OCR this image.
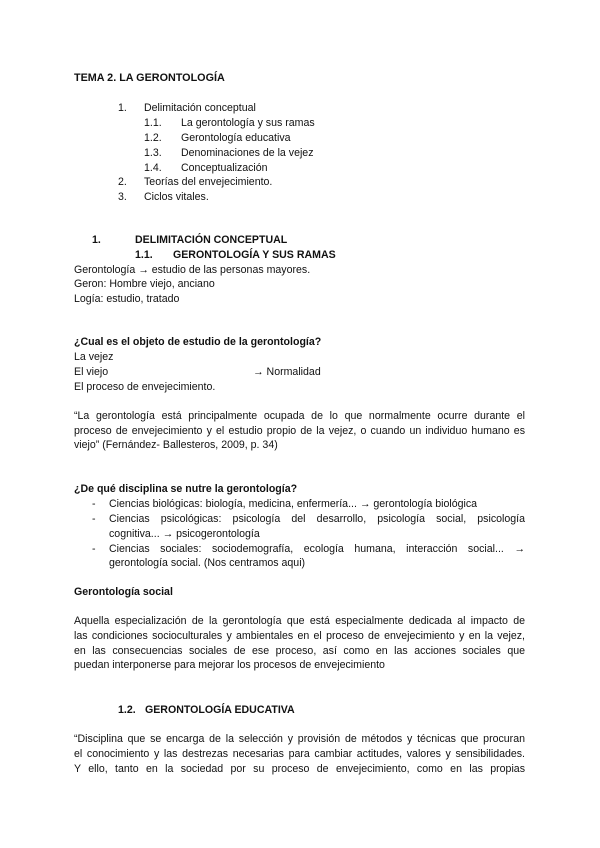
TEMA 2. LA GERONTOLOGÍA
1. Delimitación conceptual
1.1. La gerontología y sus ramas
1.2. Gerontología educativa
1.3. Denominaciones de la vejez
1.4. Conceptualización
2. Teorías del envejecimiento.
3. Ciclos vitales.
1.	DELIMITACIÓN CONCEPTUAL
1.1. GERONTOLOGÍA Y SUS RAMAS
Gerontología → estudio de las personas mayores.
Geron: Hombre viejo, anciano
Logía: estudio, tratado
¿Cual es el objeto de estudio de la gerontología?
La vejez
El viejo	→ Normalidad
El proceso de envejecimiento.
“La gerontología está principalmente ocupada de lo que normalmente ocurre durante el
proceso de envejecimiento y el estudio propio de la vejez, o cuando un individuo humano es
viejo” (Fernández- Ballesteros, 2009, p. 34)
¿De qué disciplina se nutre la gerontología?
- Ciencias biológicas: biología, medicina, enfermería... → gerontología biológica
- Ciencias psicológicas: psicología del desarrollo, psicología social, psicología
cognitiva... → psicogerontología
- Ciencias sociales: sociodemografía, ecología humana, interacción social... →
gerontología social. (Nos centramos aqui)
Gerontología social
Aquella especialización de la gerontología que está especialmente dedicada al impacto de
las condiciones socioculturales y ambientales en el proceso de envejecimiento y en la vejez,
en las consecuencias sociales de ese proceso, así como en las acciones sociales que
puedan interponerse para mejorar los procesos de envejecimiento
1.2. GERONTOLOGÍA EDUCATIVA
“Disciplina que se encarga de la selección y provisión de métodos y técnicas que procuran
el conocimiento y las destrezas necesarias para cambiar actitudes, valores y sensibilidades.
Y ello, tanto en la sociedad por su proceso de envejecimiento, como en las propias
